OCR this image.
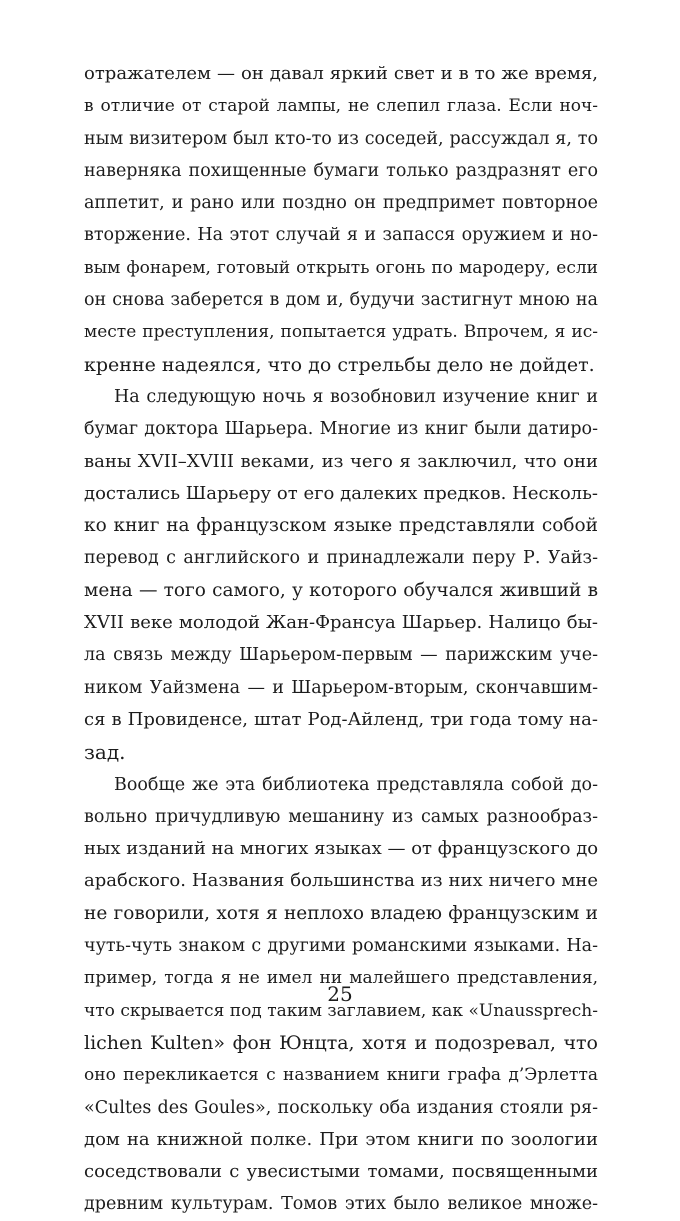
отражателем — он давал яркий свет и в то же время,
в отличие от старой лампы, не слепил глаза. Если ноч-
ным визитером был кто-то из соседей, рассуждал я, то
наверняка похищенные бумаги только раздразнят его
аппетит, и рано или поздно он предпримет повторное
вторжение. На этот случай я и запасся оружием и но-
вым фонарем, готовый открыть огонь по мародеру, если
он снова заберется в дом и, будучи застигнут мною на
месте преступления, попытается удрать. Впрочем, я ис-
кренне надеялся, что до стрельбы дело не дойдет.
На следующую ночь я возобновил изучение книг и
бумаг доктора Шарьера. Многие из книг были датиро-
ваны XVII–XVIII веками, из чего я заключил, что они
достались Шарьеру от его далеких предков. Несколь-
ко книг на французском языке представляли собой
перевод с английского и принадлежали перу Р. Уайз-
мена — того самого, у которого обучался живший в
XVII веке молодой Жан-Франсуа Шарьер. Налицо бы-
ла связь между Шарьером-первым — парижским уче-
ником Уайзмена — и Шарьером-вторым, скончавшим-
ся в Провиденсе, штат Род-Айленд, три года тому на-
зад.
Вообще же эта библиотека представляла собой до-
вольно причудливую мешанину из самых разнообраз-
ных изданий на многих языках — от французского до
арабского. Названия большинства из них ничего мне
не говорили, хотя я неплохо владею французским и
чуть-чуть знаком с другими романскими языками. На-
пример, тогда я не имел ни малейшего представления,
что скрывается под таким заглавием, как «Unaussprech-
lichen Kulten» фон Юнцта, хотя и подозревал, что
оно перекликается с названием книги графа д’Эрлетта
«Cultes des Goules», поскольку оба издания стояли ря-
дом на книжной полке. При этом книги по зоологии
соседствовали с увесистыми томами, посвященными
древним культурам. Томов этих было великое множе-
25
